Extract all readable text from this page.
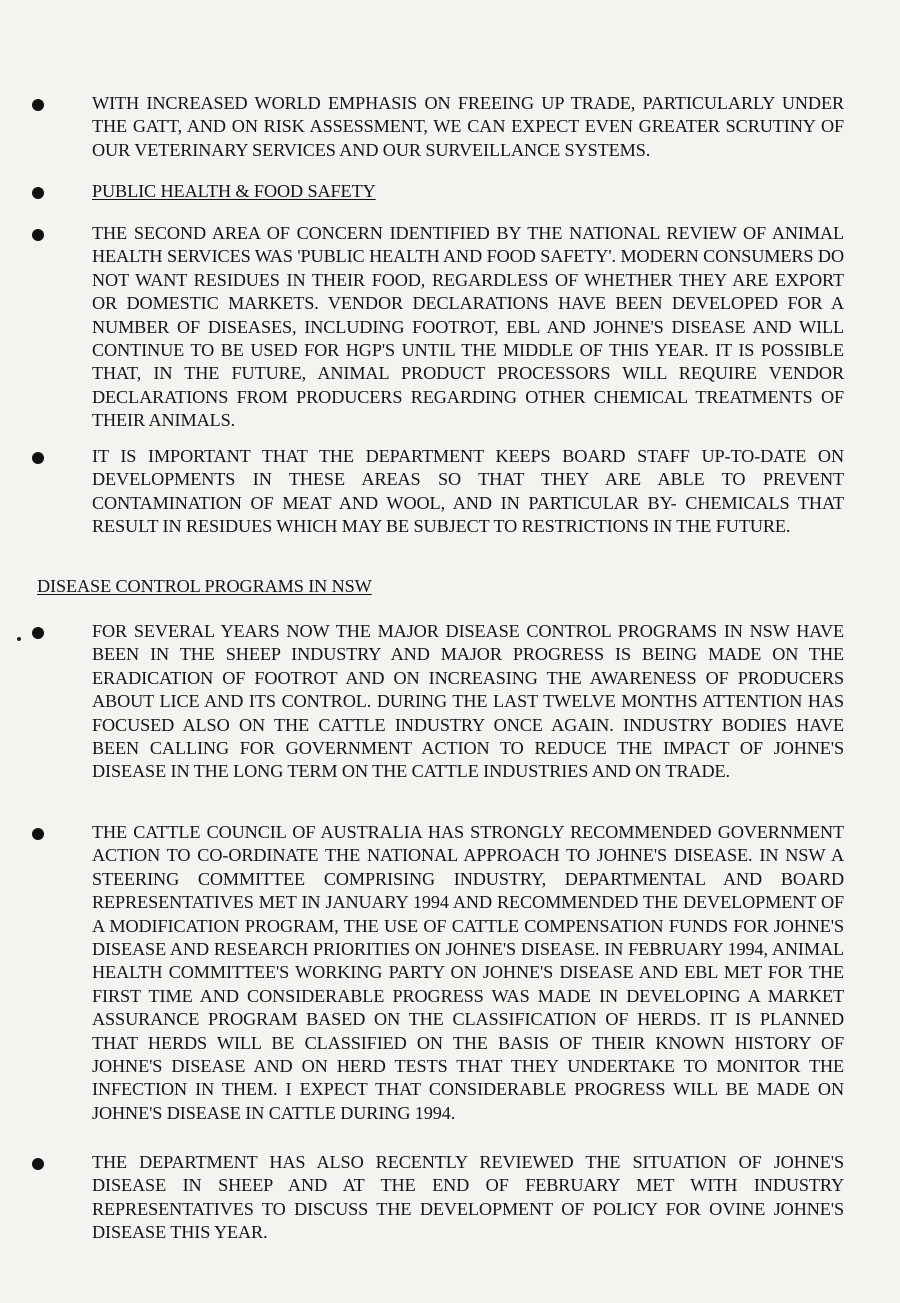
WITH INCREASED WORLD EMPHASIS ON FREEING UP TRADE, PARTICULARLY UNDER THE GATT, AND ON RISK ASSESSMENT, WE CAN EXPECT EVEN GREATER SCRUTINY OF OUR VETERINARY SERVICES AND OUR SURVEILLANCE SYSTEMS.
PUBLIC HEALTH & FOOD SAFETY
THE SECOND AREA OF CONCERN IDENTIFIED BY THE NATIONAL REVIEW OF ANIMAL HEALTH SERVICES WAS 'PUBLIC HEALTH AND FOOD SAFETY'. MODERN CONSUMERS DO NOT WANT RESIDUES IN THEIR FOOD, REGARDLESS OF WHETHER THEY ARE EXPORT OR DOMESTIC MARKETS. VENDOR DECLARATIONS HAVE BEEN DEVELOPED FOR A NUMBER OF DISEASES, INCLUDING FOOTROT, EBL AND JOHNE'S DISEASE AND WILL CONTINUE TO BE USED FOR HGP'S UNTIL THE MIDDLE OF THIS YEAR. IT IS POSSIBLE THAT, IN THE FUTURE, ANIMAL PRODUCT PROCESSORS WILL REQUIRE VENDOR DECLARATIONS FROM PRODUCERS REGARDING OTHER CHEMICAL TREATMENTS OF THEIR ANIMALS.
IT IS IMPORTANT THAT THE DEPARTMENT KEEPS BOARD STAFF UP-TO-DATE ON DEVELOPMENTS IN THESE AREAS SO THAT THEY ARE ABLE TO PREVENT CONTAMINATION OF MEAT AND WOOL, AND IN PARTICULAR BY- CHEMICALS THAT RESULT IN RESIDUES WHICH MAY BE SUBJECT TO RESTRICTIONS IN THE FUTURE.
DISEASE CONTROL PROGRAMS IN NSW
FOR SEVERAL YEARS NOW THE MAJOR DISEASE CONTROL PROGRAMS IN NSW HAVE BEEN IN THE SHEEP INDUSTRY AND MAJOR PROGRESS IS BEING MADE ON THE ERADICATION OF FOOTROT AND ON INCREASING THE AWARENESS OF PRODUCERS ABOUT LICE AND ITS CONTROL. DURING THE LAST TWELVE MONTHS ATTENTION HAS FOCUSED ALSO ON THE CATTLE INDUSTRY ONCE AGAIN. INDUSTRY BODIES HAVE BEEN CALLING FOR GOVERNMENT ACTION TO REDUCE THE IMPACT OF JOHNE'S DISEASE IN THE LONG TERM ON THE CATTLE INDUSTRIES AND ON TRADE.
THE CATTLE COUNCIL OF AUSTRALIA HAS STRONGLY RECOMMENDED GOVERNMENT ACTION TO CO-ORDINATE THE NATIONAL APPROACH TO JOHNE'S DISEASE. IN NSW A STEERING COMMITTEE COMPRISING INDUSTRY, DEPARTMENTAL AND BOARD REPRESENTATIVES MET IN JANUARY 1994 AND RECOMMENDED THE DEVELOPMENT OF A MODIFICATION PROGRAM, THE USE OF CATTLE COMPENSATION FUNDS FOR JOHNE'S DISEASE AND RESEARCH PRIORITIES ON JOHNE'S DISEASE. IN FEBRUARY 1994, ANIMAL HEALTH COMMITTEE'S WORKING PARTY ON JOHNE'S DISEASE AND EBL MET FOR THE FIRST TIME AND CONSIDERABLE PROGRESS WAS MADE IN DEVELOPING A MARKET ASSURANCE PROGRAM BASED ON THE CLASSIFICATION OF HERDS. IT IS PLANNED THAT HERDS WILL BE CLASSIFIED ON THE BASIS OF THEIR KNOWN HISTORY OF JOHNE'S DISEASE AND ON HERD TESTS THAT THEY UNDERTAKE TO MONITOR THE INFECTION IN THEM. I EXPECT THAT CONSIDERABLE PROGRESS WILL BE MADE ON JOHNE'S DISEASE IN CATTLE DURING 1994.
THE DEPARTMENT HAS ALSO RECENTLY REVIEWED THE SITUATION OF JOHNE'S DISEASE IN SHEEP AND AT THE END OF FEBRUARY MET WITH INDUSTRY REPRESENTATIVES TO DISCUSS THE DEVELOPMENT OF POLICY FOR OVINE JOHNE'S DISEASE THIS YEAR.
